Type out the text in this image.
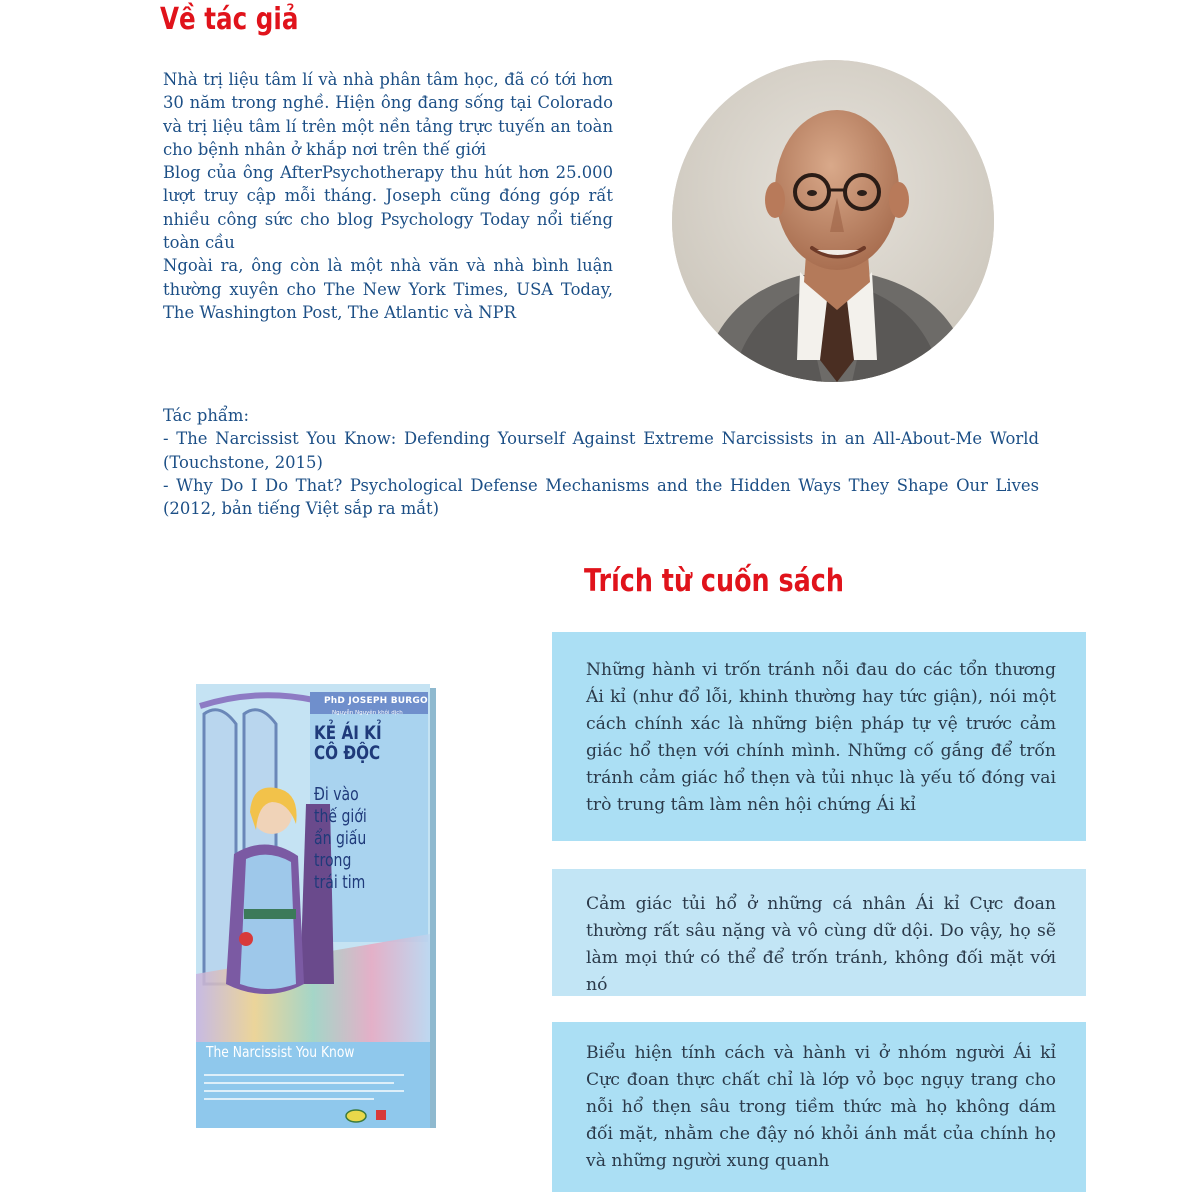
Về tác giả

Nhà trị liệu tâm lí và nhà phân tâm học, đã có tới hơn 30 năm trong nghề. Hiện ông đang sống tại Colorado và trị liệu tâm lí trên một nền tảng trực tuyến an toàn cho bệnh nhân ở khắp nơi trên thế giới

Blog của ông AfterPsychotherapy thu hút hơn 25.000 lượt truy cập mỗi tháng. Joseph cũng đóng góp rất nhiều công sức cho blog Psychology Today nổi tiếng toàn cầu

Ngoài ra, ông còn là một nhà văn và nhà bình luận thường xuyên cho The New York Times, USA Today, The Washington Post, The Atlantic và NPR

Tác phẩm:

- The Narcissist You Know: Defending Yourself Against Extreme Narcissists in an All-About-Me World (Touchstone, 2015)

- Why Do I Do That? Psychological Defense Mechanisms and the Hidden Ways They Shape Our Lives (2012, bản tiếng Việt sắp ra mắt)

Trích từ cuốn sách
PhD JOSEPH BURGO
Nguyễn Nguyên khôi dịch
KẺ ÁI KỈ
CÔ ĐỘC
Đi vào
thế giới
ẩn giấu
trong
trái tim
The Narcissist You Know

Những hành vi trốn tránh nỗi đau do các tổn thương Ái kỉ (như đổ lỗi, khinh thường hay tức giận), nói một cách chính xác là những biện pháp tự vệ trước cảm giác hổ thẹn với chính mình. Những cố gắng để trốn tránh cảm giác hổ thẹn và tủi nhục là yếu tố đóng vai trò trung tâm làm nên hội chứng Ái kỉ

Cảm giác tủi hổ ở những cá nhân Ái kỉ Cực đoan thường rất sâu nặng và vô cùng dữ dội. Do vậy, họ sẽ làm mọi thứ có thể để trốn tránh, không đối mặt với nó

Biểu hiện tính cách và hành vi ở nhóm người Ái kỉ Cực đoan thực chất chỉ là lớp vỏ bọc ngụy trang cho nỗi hổ thẹn sâu trong tiềm thức mà họ không dám đối mặt, nhằm che đậy nó khỏi ánh mắt của chính họ và những người xung quanh
